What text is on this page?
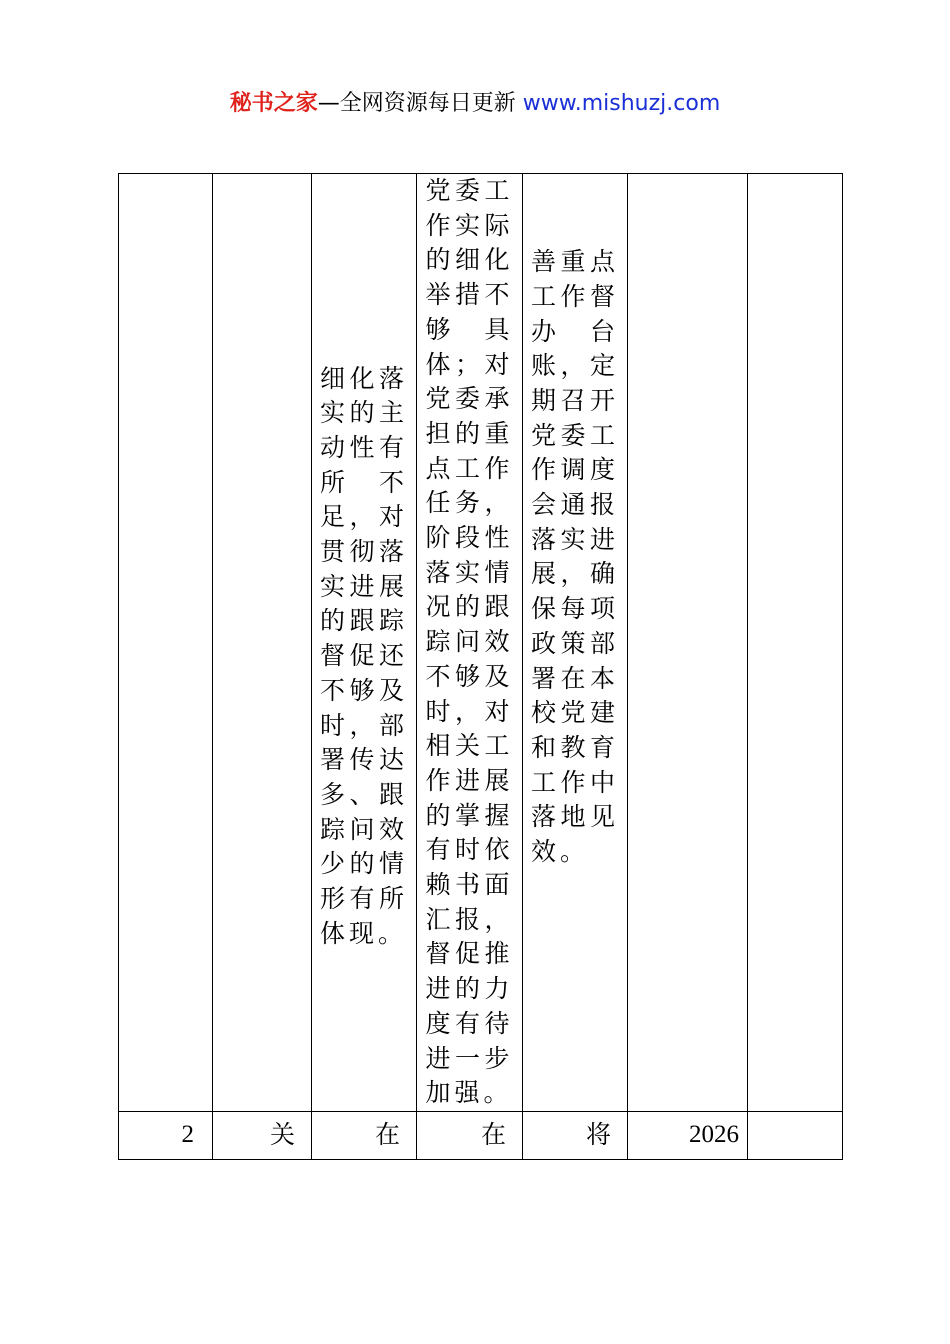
秘书之家—全网资源每日更新 www.mishuzj.com

		细化落实的主动性有所不足，对贯彻落实进展的跟踪督促还不够及时，部署传达多、跟踪问效少的情形有所体现。	党委工作实际的细化举措不够具体；对党委承担的重点工作任务，阶段性落实情况的跟踪问效不够及时，对相关工作进展的掌握有时依赖书面汇报，督促推进的力度有待进一步加强。	善重点工作督办台账，定期召开党委工作调度会通报落实进展，确保每项政策部署在本校党建和教育工作中落地见效。		

2	关	在	在	将	2026	
